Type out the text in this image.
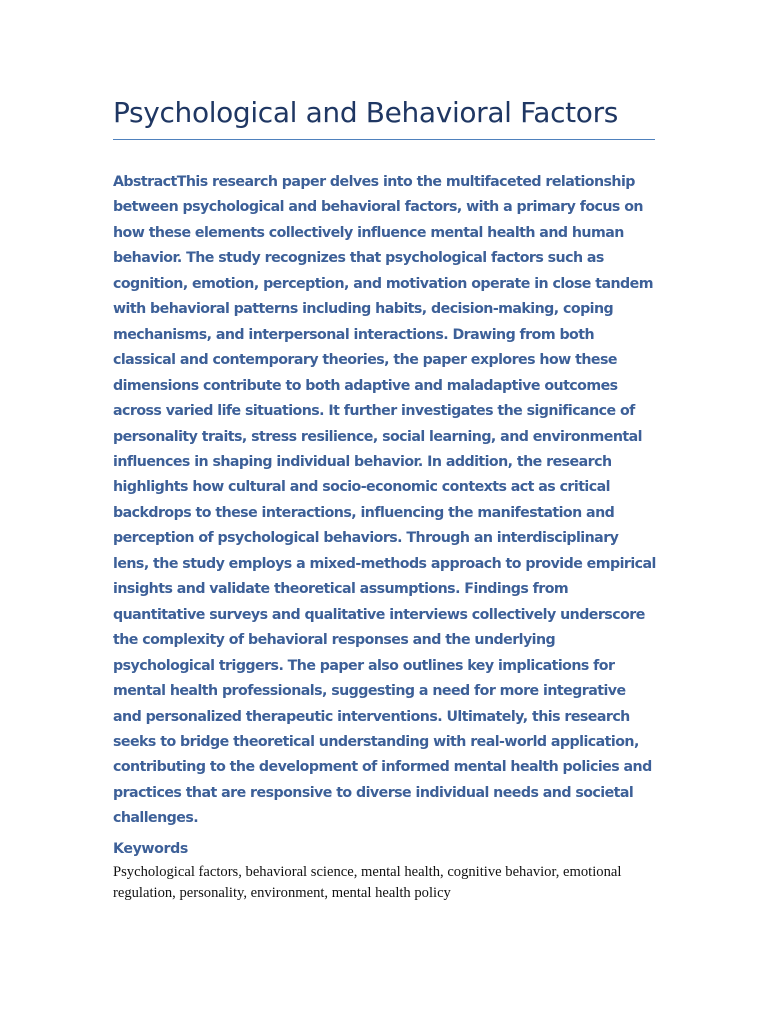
Psychological and Behavioral Factors

AbstractThis research paper delves into the multifaceted relationship between psychological and behavioral factors, with a primary focus on how these elements collectively influence mental health and human behavior. The study recognizes that psychological factors such as cognition, emotion, perception, and motivation operate in close tandem with behavioral patterns including habits, decision-making, coping mechanisms, and interpersonal interactions. Drawing from both classical and contemporary theories, the paper explores how these dimensions contribute to both adaptive and maladaptive outcomes across varied life situations. It further investigates the significance of personality traits, stress resilience, social learning, and environmental influences in shaping individual behavior. In addition, the research highlights how cultural and socio-economic contexts act as critical backdrops to these interactions, influencing the manifestation and perception of psychological behaviors. Through an interdisciplinary lens, the study employs a mixed-methods approach to provide empirical insights and validate theoretical assumptions. Findings from quantitative surveys and qualitative interviews collectively underscore the complexity of behavioral responses and the underlying psychological triggers. The paper also outlines key implications for mental health professionals, suggesting a need for more integrative and personalized therapeutic interventions. Ultimately, this research seeks to bridge theoretical understanding with real-world application, contributing to the development of informed mental health policies and practices that are responsive to diverse individual needs and societal challenges.

Keywords

Psychological factors, behavioral science, mental health, cognitive behavior, emotional regulation, personality, environment, mental health policy
